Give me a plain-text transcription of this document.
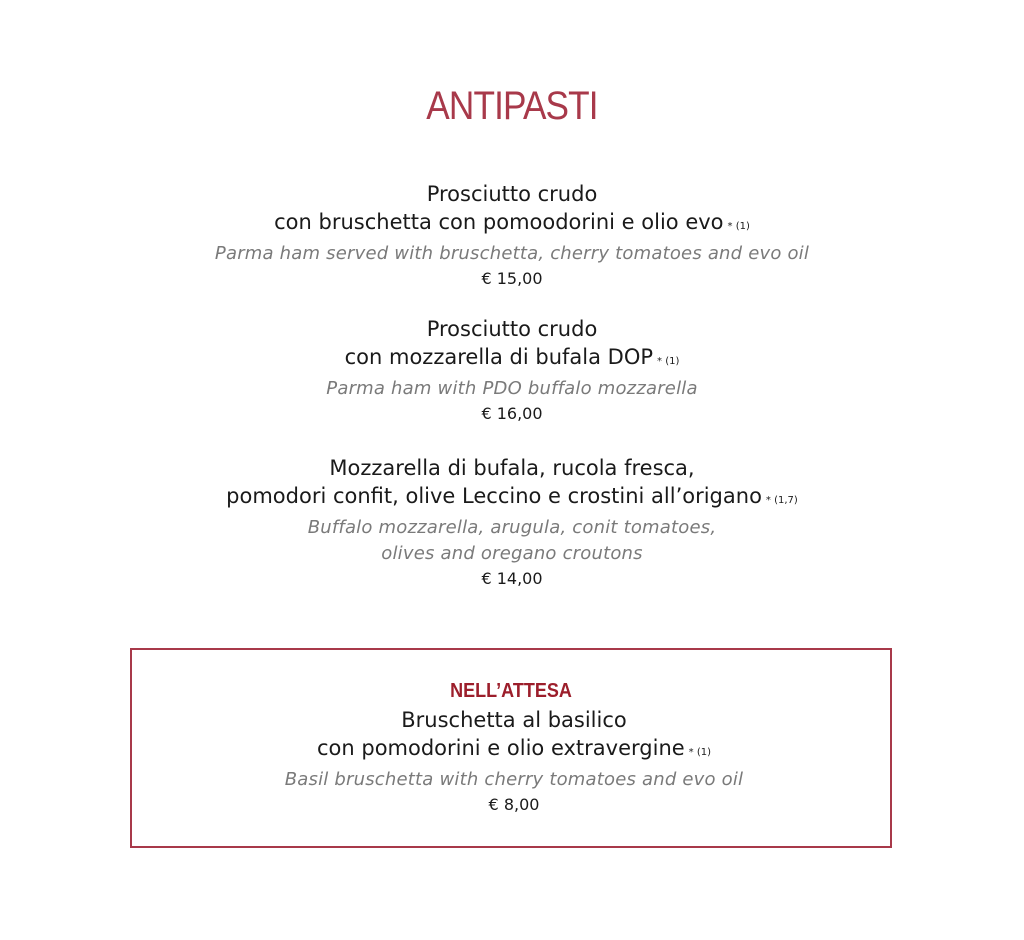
ANTIPASTI
Prosciutto crudo
con bruschetta con pomoodorini e olio evo * (1)
Parma ham served with bruschetta, cherry tomatoes and evo oil
€ 15,00
Prosciutto crudo
con mozzarella di bufala DOP * (1)
Parma ham with PDO buffalo mozzarella
€ 16,00
Mozzarella di bufala, rucola fresca,
pomodori confit, olive Leccino e crostini all’origano * (1,7)
Buffalo mozzarella, arugula, conit tomatoes,
olives and oregano croutons
€ 14,00
NELL’ATTESA
Bruschetta al basilico
con pomodorini e olio extravergine * (1)
Basil bruschetta with cherry tomatoes and evo oil
€ 8,00
